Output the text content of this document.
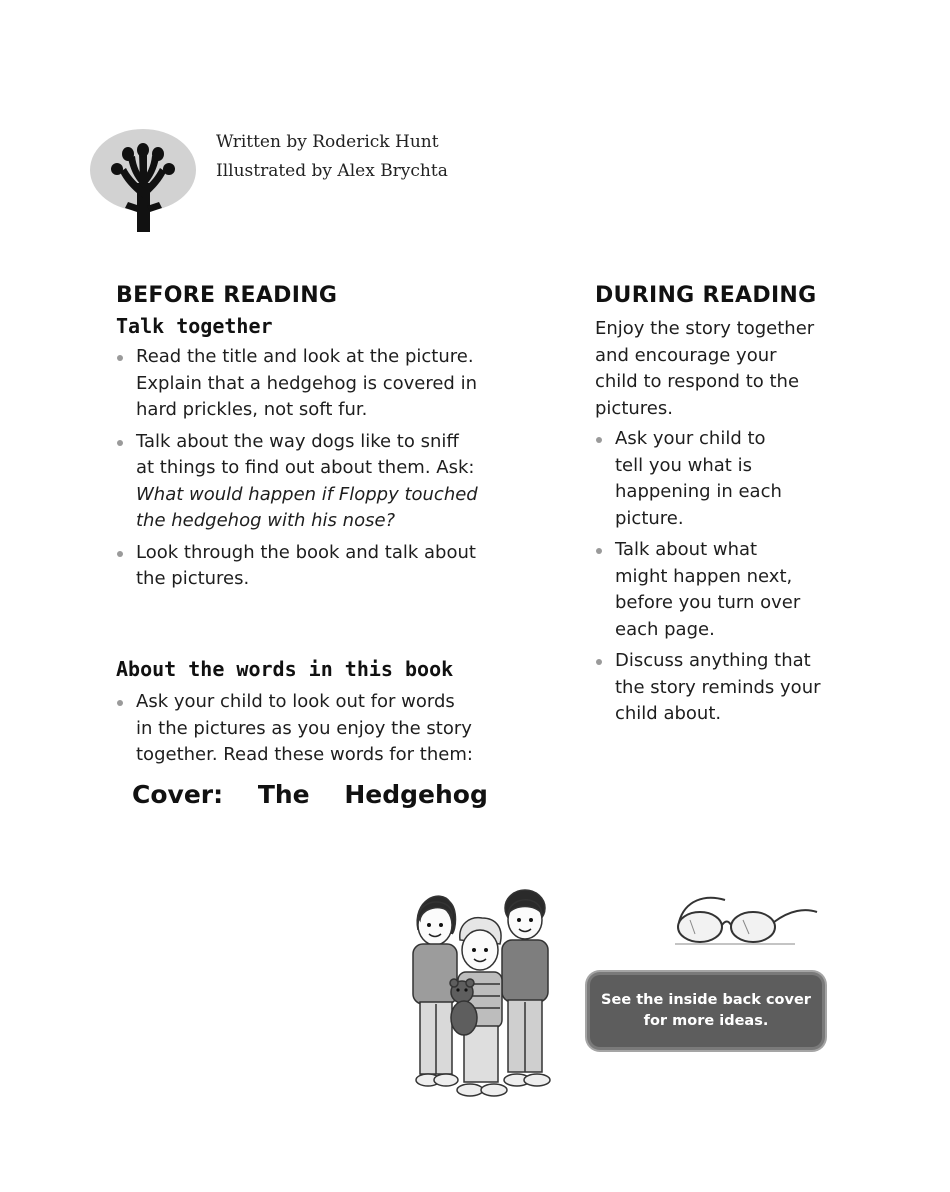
Written by Roderick Hunt
Illustrated by Alex Brychta
BEFORE READING
Talk together
Read the title and look at the picture.
Explain that a hedgehog is covered in
hard prickles, not soft fur.
Talk about the way dogs like to sniff
at things to find out about them. Ask:
What would happen if Floppy touched
the hedgehog with his nose?
Look through the book and talk about
the pictures.
About the words in this book
Ask your child to look out for words
in the pictures as you enjoy the story
together. Read these words for them:
Cover: The Hedgehog
DURING READING
Enjoy the story together
and encourage your
child to respond to the
pictures.
Ask your child to
tell you what is
happening in each
picture.
Talk about what
might happen next,
before you turn over
each page.
Discuss anything that
the story reminds your
child about.
See the inside back cover
for more ideas.
